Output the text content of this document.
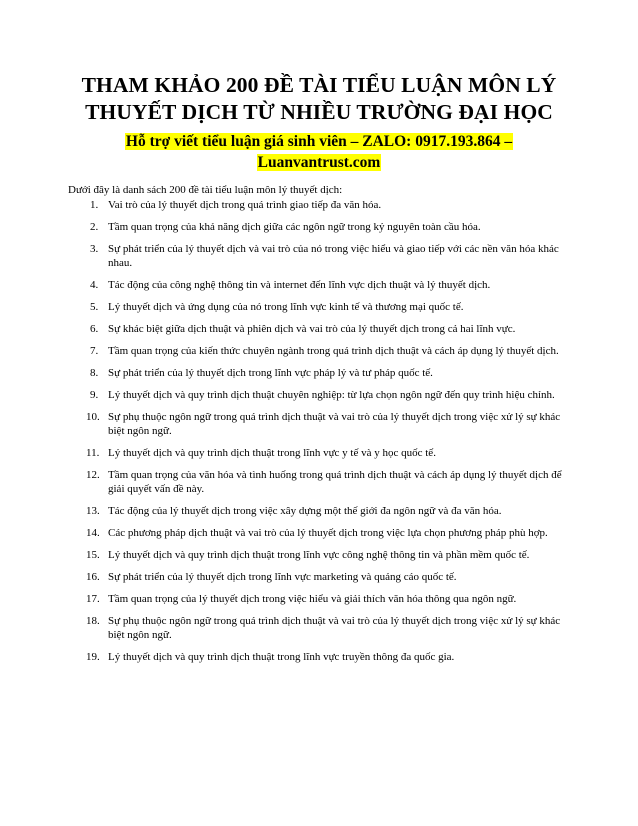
THAM KHẢO 200 ĐỀ TÀI TIỂU LUẬN MÔN LÝ
THUYẾT DỊCH TỪ NHIỀU TRƯỜNG ĐẠI HỌC
Hỗ trợ viết tiểu luận giá sinh viên – ZALO: 0917.193.864 –
Luanvantrust.com
Dưới đây là danh sách 200 đề tài tiểu luận môn lý thuyết dịch:
1. Vai trò của lý thuyết dịch trong quá trình giao tiếp đa văn hóa.
2. Tầm quan trọng của khả năng dịch giữa các ngôn ngữ trong kỷ nguyên toàn cầu hóa.
3. Sự phát triển của lý thuyết dịch và vai trò của nó trong việc hiểu và giao tiếp với các nền văn hóa khác nhau.
4. Tác động của công nghệ thông tin và internet đến lĩnh vực dịch thuật và lý thuyết dịch.
5. Lý thuyết dịch và ứng dụng của nó trong lĩnh vực kinh tế và thương mại quốc tế.
6. Sự khác biệt giữa dịch thuật và phiên dịch và vai trò của lý thuyết dịch trong cả hai lĩnh vực.
7. Tầm quan trọng của kiến thức chuyên ngành trong quá trình dịch thuật và cách áp dụng lý thuyết dịch.
8. Sự phát triển của lý thuyết dịch trong lĩnh vực pháp lý và tư pháp quốc tế.
9. Lý thuyết dịch và quy trình dịch thuật chuyên nghiệp: từ lựa chọn ngôn ngữ đến quy trình hiệu chỉnh.
10. Sự phụ thuộc ngôn ngữ trong quá trình dịch thuật và vai trò của lý thuyết dịch trong việc xử lý sự khác biệt ngôn ngữ.
11. Lý thuyết dịch và quy trình dịch thuật trong lĩnh vực y tế và y học quốc tế.
12. Tầm quan trọng của văn hóa và tình huống trong quá trình dịch thuật và cách áp dụng lý thuyết dịch để giải quyết vấn đề này.
13. Tác động của lý thuyết dịch trong việc xây dựng một thế giới đa ngôn ngữ và đa văn hóa.
14. Các phương pháp dịch thuật và vai trò của lý thuyết dịch trong việc lựa chọn phương pháp phù hợp.
15. Lý thuyết dịch và quy trình dịch thuật trong lĩnh vực công nghệ thông tin và phần mềm quốc tế.
16. Sự phát triển của lý thuyết dịch trong lĩnh vực marketing và quảng cáo quốc tế.
17. Tầm quan trọng của lý thuyết dịch trong việc hiểu và giải thích văn hóa thông qua ngôn ngữ.
18. Sự phụ thuộc ngôn ngữ trong quá trình dịch thuật và vai trò của lý thuyết dịch trong việc xử lý sự khác biệt ngôn ngữ.
19. Lý thuyết dịch và quy trình dịch thuật trong lĩnh vực truyền thông đa quốc gia.
